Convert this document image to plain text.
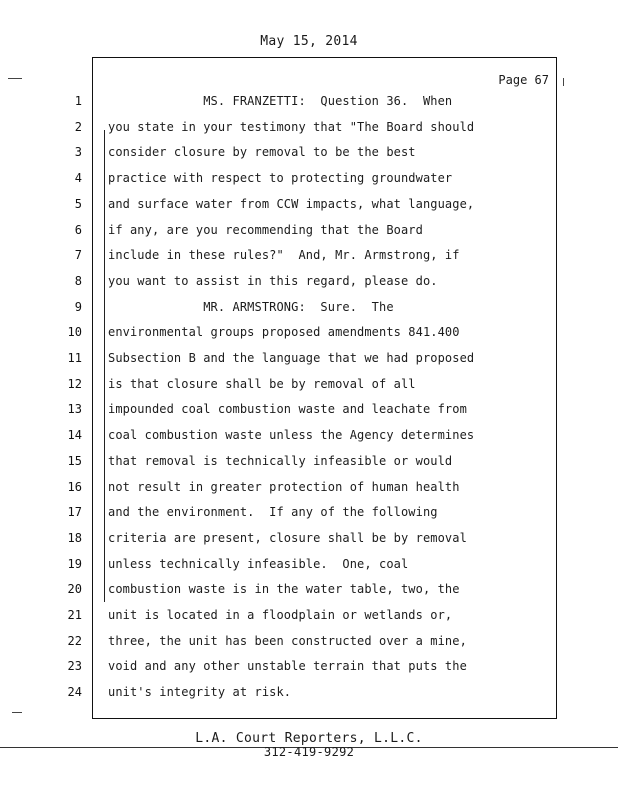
May 15, 2014
Page 67
1 MS. FRANZETTI:  Question 36.  When
2 you state in your testimony that "The Board should
3 consider closure by removal to be the best
4 practice with respect to protecting groundwater
5 and surface water from CCW impacts, what language,
6 if any, are you recommending that the Board
7 include in these rules?"  And, Mr. Armstrong, if
8 you want to assist in this regard, please do.
9 MR. ARMSTRONG:  Sure.  The
10 environmental groups proposed amendments 841.400
11 Subsection B and the language that we had proposed
12 is that closure shall be by removal of all
13 impounded coal combustion waste and leachate from
14 coal combustion waste unless the Agency determines
15 that removal is technically infeasible or would
16 not result in greater protection of human health
17 and the environment.  If any of the following
18 criteria are present, closure shall be by removal
19 unless technically infeasible.  One, coal
20 combustion waste is in the water table, two, the
21 unit is located in a floodplain or wetlands or,
22 three, the unit has been constructed over a mine,
23 void and any other unstable terrain that puts the
24 unit's integrity at risk.
L.A. Court Reporters, L.L.C.
312-419-9292
